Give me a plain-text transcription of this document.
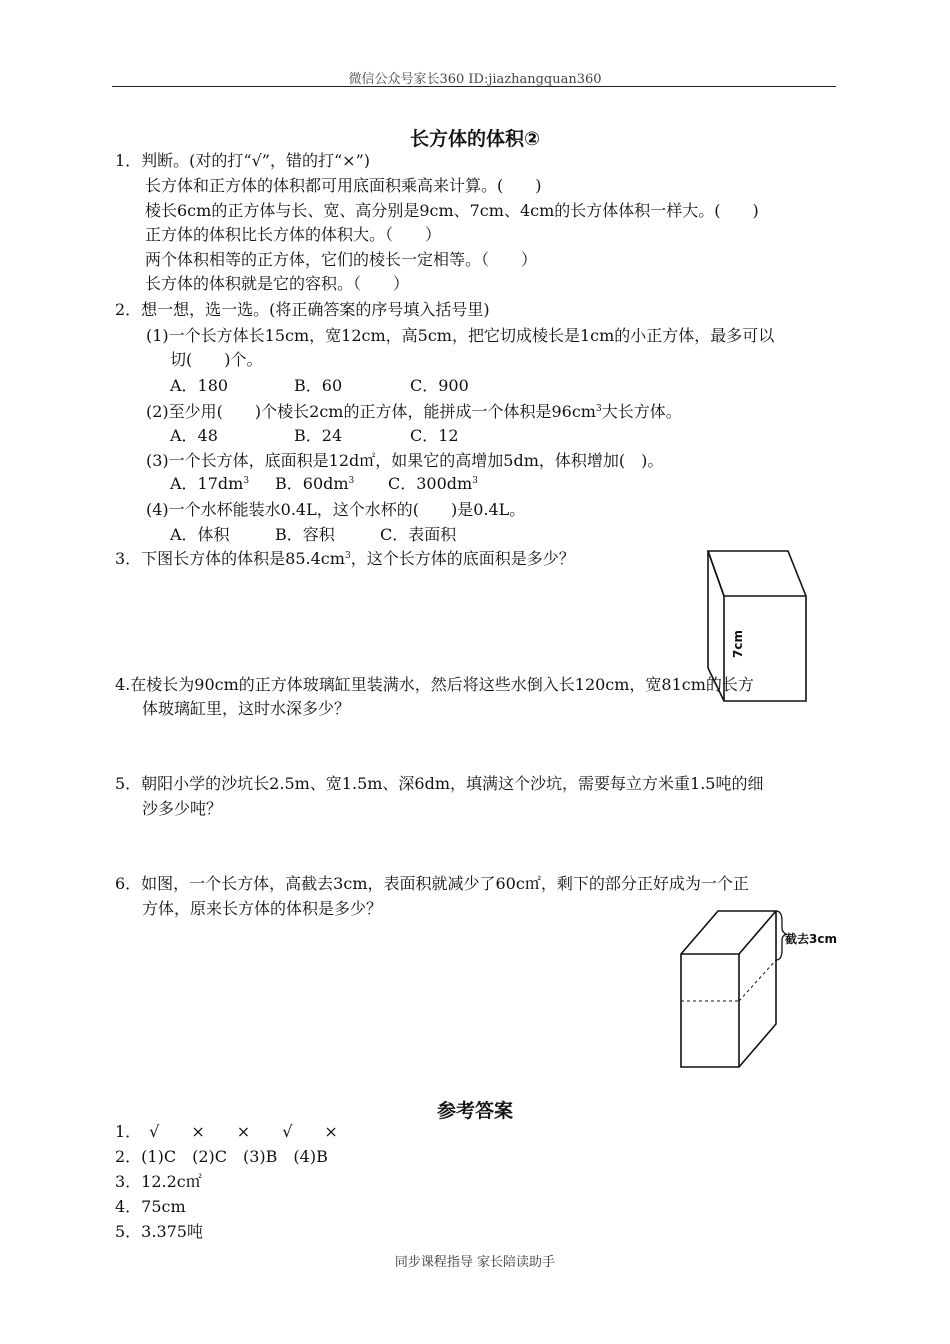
微信公众号家长360 ID:jiazhangquan360
长方体的体积②
1．判断。(对的打“√”，错的打“×”)
长方体和正方体的体积都可用底面积乘高来计算。(　　)
棱长6cm的正方体与长、宽、高分别是9cm、7cm、4cm的长方体体积一样大。(　　)
正方体的体积比长方体的体积大。（　　）
两个体积相等的正方体，它们的棱长一定相等。（　　）
长方体的体积就是它的容积。（　　）
2．想一想，选一选。(将正确答案的序号填入括号里)
(1)一个长方体长15cm，宽12cm，高5cm，把它切成棱长是1cm的小正方体，最多可以
切(　　)个。
A．180	B．60	C．900
(2)至少用(　　)个棱长2cm的正方体，能拼成一个体积是$96cm^3$大长方体。
A．48	B．24	C．12
(3)一个长方体，底面积是12d㎡，如果它的高增加5dm，体积增加(　)。
A．$17dm^3$ B．$60dm^3$ C．$300dm^3$
(4)一个水杯能装水0.4L，这个水杯的(　　)是0.4L。
A．体积	B．容积	C．表面积
3．下图长方体的体积是$85.4cm^3$，这个长方体的底面积是多少？
7cm
4.在棱长为90cm的正方体玻璃缸里装满水，然后将这些水倒入长120cm，宽81cm的长方
体玻璃缸里，这时水深多少？
5．朝阳小学的沙坑长2.5m、宽1.5m、深6dm，填满这个沙坑，需要每立方米重1.5吨的细
沙多少吨？
6．如图，一个长方体，高截去3cm，表面积就减少了60c㎡，剩下的部分正好成为一个正
方体，原来长方体的体积是多少？
截去3cm
参考答案
1．　√　　×　　×　　√　　×
2．(1)C　(2)C　(3)B　(4)B
3．12.2c㎡
4．75cm
5．3.375吨
同步课程指导 家长陪读助手
